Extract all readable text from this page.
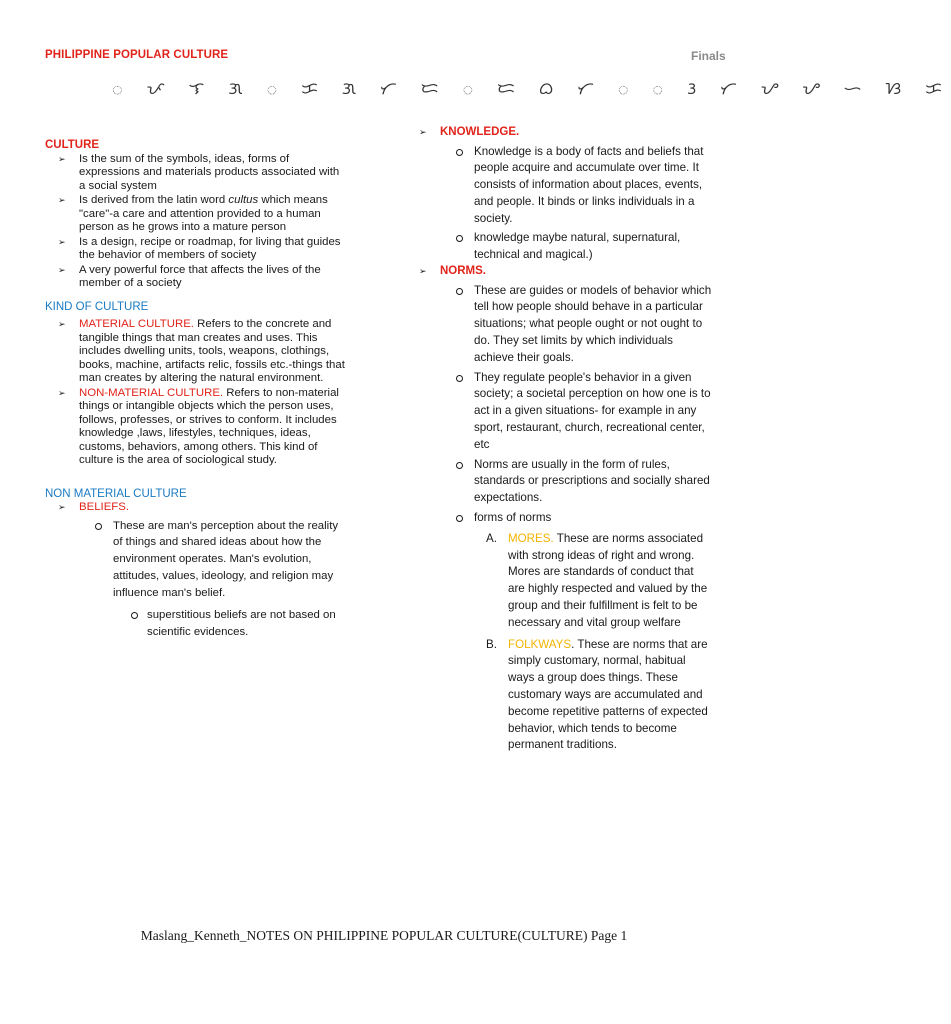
PHILIPPINE POPULAR CULTURE	Finals
ᜀ ᜉ ᜎ ᜄ ᜀ ᜃ ᜄ ᜆ ᜇ ᜀ ᜇ ᜊ ᜆ ᜀ ᜀ ᜂ ᜆ ᜌ ᜌ ᜑ ᜐ ᜃ
CULTURE
➢ Is the sum of the symbols, ideas, forms of expressions and materials products associated with a social system
➢ Is derived from the latin word cultus which means "care"-a care and attention provided to a human person as he grows into a mature person
➢ Is a design, recipe or roadmap, for living that guides the behavior of members of society
➢ A very powerful force that affects the lives of the member of a society
KIND OF CULTURE
➢ MATERIAL CULTURE. Refers to the concrete and tangible things that man creates and uses. This includes dwelling units, tools, weapons, clothings, books, machine, artifacts relic, fossils etc.-things that man creates by altering the natural environment.
➢ NON-MATERIAL CULTURE. Refers to non-material things or intangible objects which the person uses, follows, professes, or strives to conform. It includes knowledge ,laws, lifestyles, techniques, ideas, customs, behaviors, among others. This kind of culture is the area of sociological study.
NON MATERIAL CULTURE
➢ BELIEFS.
These are man's perception about the reality of things and shared ideas about how the environment operates. Man's evolution, attitudes, values, ideology, and religion may influence man's belief.
superstitious beliefs are not based on scientific evidences.
➢ KNOWLEDGE.
Knowledge is a body of facts and beliefs that people acquire and accumulate over time. It consists of information about places, events, and people. It binds or links individuals in a society.
knowledge maybe natural, supernatural, technical and magical.)
➢ NORMS.
These are guides or models of behavior which tell how people should behave in a particular situations; what people ought or not ought to do. They set limits by which individuals achieve their goals.
They regulate people's behavior in a given society; a societal perception on how one is to act in a given situations- for example in any sport, restaurant, church, recreational center, etc
Norms are usually in the form of rules, standards or prescriptions and socially shared expectations.
forms of norms
A. MORES. These are norms associated with strong ideas of right and wrong. Mores are standards of conduct that are highly respected and valued by the group and their fulfillment is felt to be necessary and vital group welfare
B. FOLKWAYS. These are norms that are simply customary, normal, habitual ways a group does things. These customary ways are accumulated and become repetitive patterns of expected behavior, which tends to become permanent traditions.
Maslang_Kenneth_NOTES ON PHILIPPINE POPULAR CULTURE(CULTURE) Page 1
